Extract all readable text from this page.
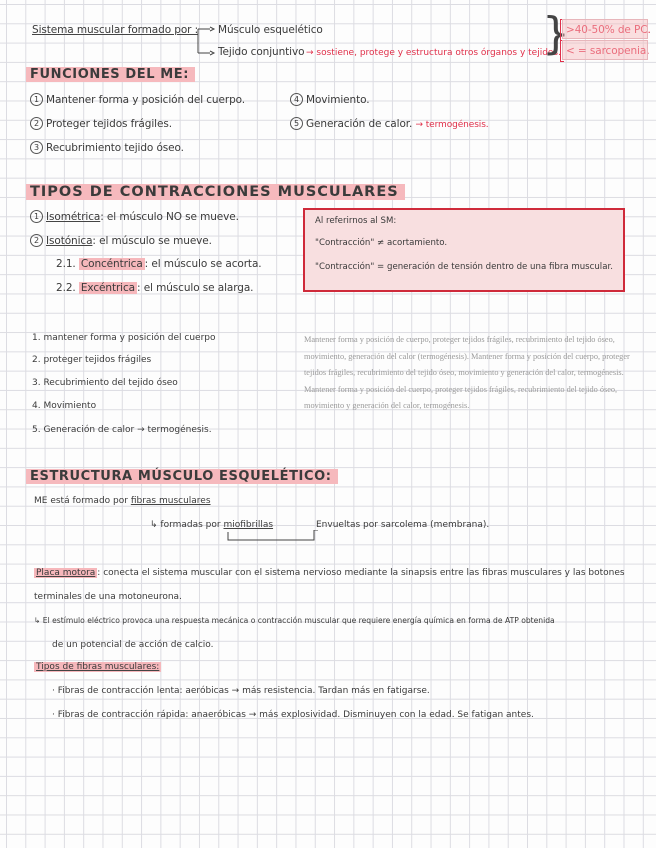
Sistema muscular formado por : Músculo esquelético
Tejido conjuntivo → sostiene, protege y estructura otros órganos y tejidos.
}
>40-50% de PC.
< = sarcopenia.
FUNCIONES DEL ME:
1 Mantener forma y posición del cuerpo.
2 Proteger tejidos frágiles.
3 Recubrimiento tejido óseo.
4 Movimiento.
5 Generación de calor. → termogénesis.
TIPOS DE CONTRACCIONES MUSCULARES
1 Isométrica: el músculo NO se mueve.
2 Isotónica: el músculo se mueve.
2.1. Concéntrica : el músculo se acorta.
2.2. Excéntrica : el músculo se alarga.
Al referirnos al SM:
"Contracción" ≠ acortamiento.
"Contracción" = generación de tensión dentro de una fibra muscular.
1. mantener forma y posición del cuerpo
2. proteger tejidos frágiles
3. Recubrimiento del tejido óseo
4. Movimiento
5. Generación de calor → termogénesis.
Mantener forma y posición de cuerpo, proteger tejidos frágiles, recubrimiento del tejido óseo, movimiento, generación del calor (termogénesis). Mantener forma y posición del cuerpo, proteger tejidos frágiles, recubrimiento del tejido óseo, movimiento y generación del calor, termogénesis. Mantener forma y posición del cuerpo, proteger tejidos frágiles, recubrimiento del tejido óseo, movimiento y generación del calor, termogénesis.
ESTRUCTURA MÚSCULO ESQUELÉTICO:
ME está formado por fibras musculares
↳ formadas por miofibrillas	Envueltas por sarcolema (membrana).
Placa motora : conecta el sistema muscular con el sistema nervioso mediante la sinapsis entre las fibras musculares y las botones
terminales de una motoneurona.
↳ El estímulo eléctrico provoca una respuesta mecánica o contracción muscular que requiere energía química en forma de ATP obtenida
de un potencial de acción de calcio.
Tipos de fibras musculares:
· Fibras de contracción lenta: aeróbicas → más resistencia. Tardan más en fatigarse.
· Fibras de contracción rápida: anaeróbicas → más explosividad. Disminuyen con la edad. Se fatigan antes.
